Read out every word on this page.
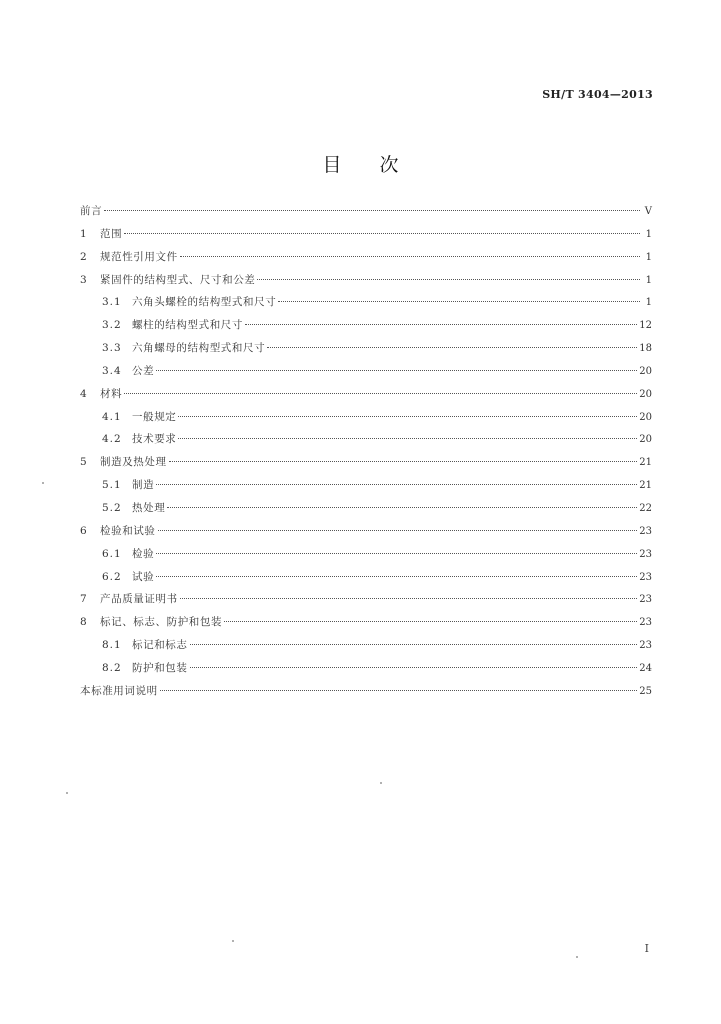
SH/T 3404—2013
目次
前言	V
1	范围	1
2	规范性引用文件	1
3	紧固件的结构型式、尺寸和公差	1
3.1 六角头螺栓的结构型式和尺寸	1
3.2 螺柱的结构型式和尺寸	12
3.3 六角螺母的结构型式和尺寸	18
3.4 公差	20
4	材料	20
4.1 一般规定	20
4.2 技术要求	20
5	制造及热处理	21
5.1 制造	21
5.2 热处理	22
6	检验和试验	23
6.1 检验	23
6.2 试验	23
7	产品质量证明书	23
8	标记、标志、防护和包装	23
8.1 标记和标志	23
8.2 防护和包装	24
本标准用词说明	25
I
